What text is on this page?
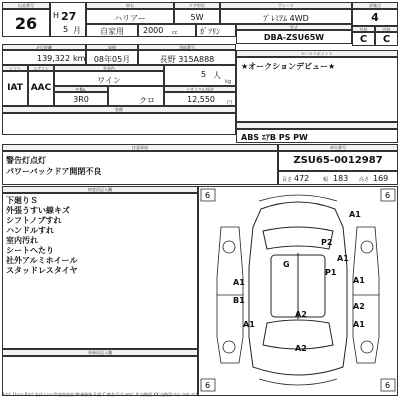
出品番号
26	H 27
車名
ハリアー
ドア形状
5W
グレード
ﾌﾟﾚﾐｱﾑ 4WD
評価点
4
5 月	自家用	2000 cc	ｶﾞｿﾘﾝ	型式
DBA-ZSU65W
外装	内装
C	C
走行距離
139,322 km
車検
08年05月
登録番号
長野 315A888
セールスポイント
★オークションデビュー★
シフト	エアコン
IAT AAC
外装色
ワイン
5 人
kg
色No.
3R0	クロ
リサイクル料金
12,550 円
装備
ABS ｴｱB PS PW
注意事項
警告灯点灯
パワーバックドア開閉不良
車台番号
ZSU65-0012987
長さ 472	幅 183 高さ 169
検査員記入欄
下廻りＳ
外張うすい線キズ
シフトノブすれ
ハンドルすれ
室内汚れ
シートへたり
社外アルミホイール
スタッドレスタイヤ
6	6
6	6
A1
P2
G
P1
A1
B1
A1
A1
A2
A2
A2
A1
A1
事務局記入欄
A:ｷｽﾞ U:ﾍｺﾐ B:ｷｽﾞを伴うﾍｺﾐ P:塗装塗装 W:補修跡 S:錆 C:腐食 G:ｶﾞﾗｽｷｽﾞ X:交換要 XX:交換済 ①小 ②中 ③大
